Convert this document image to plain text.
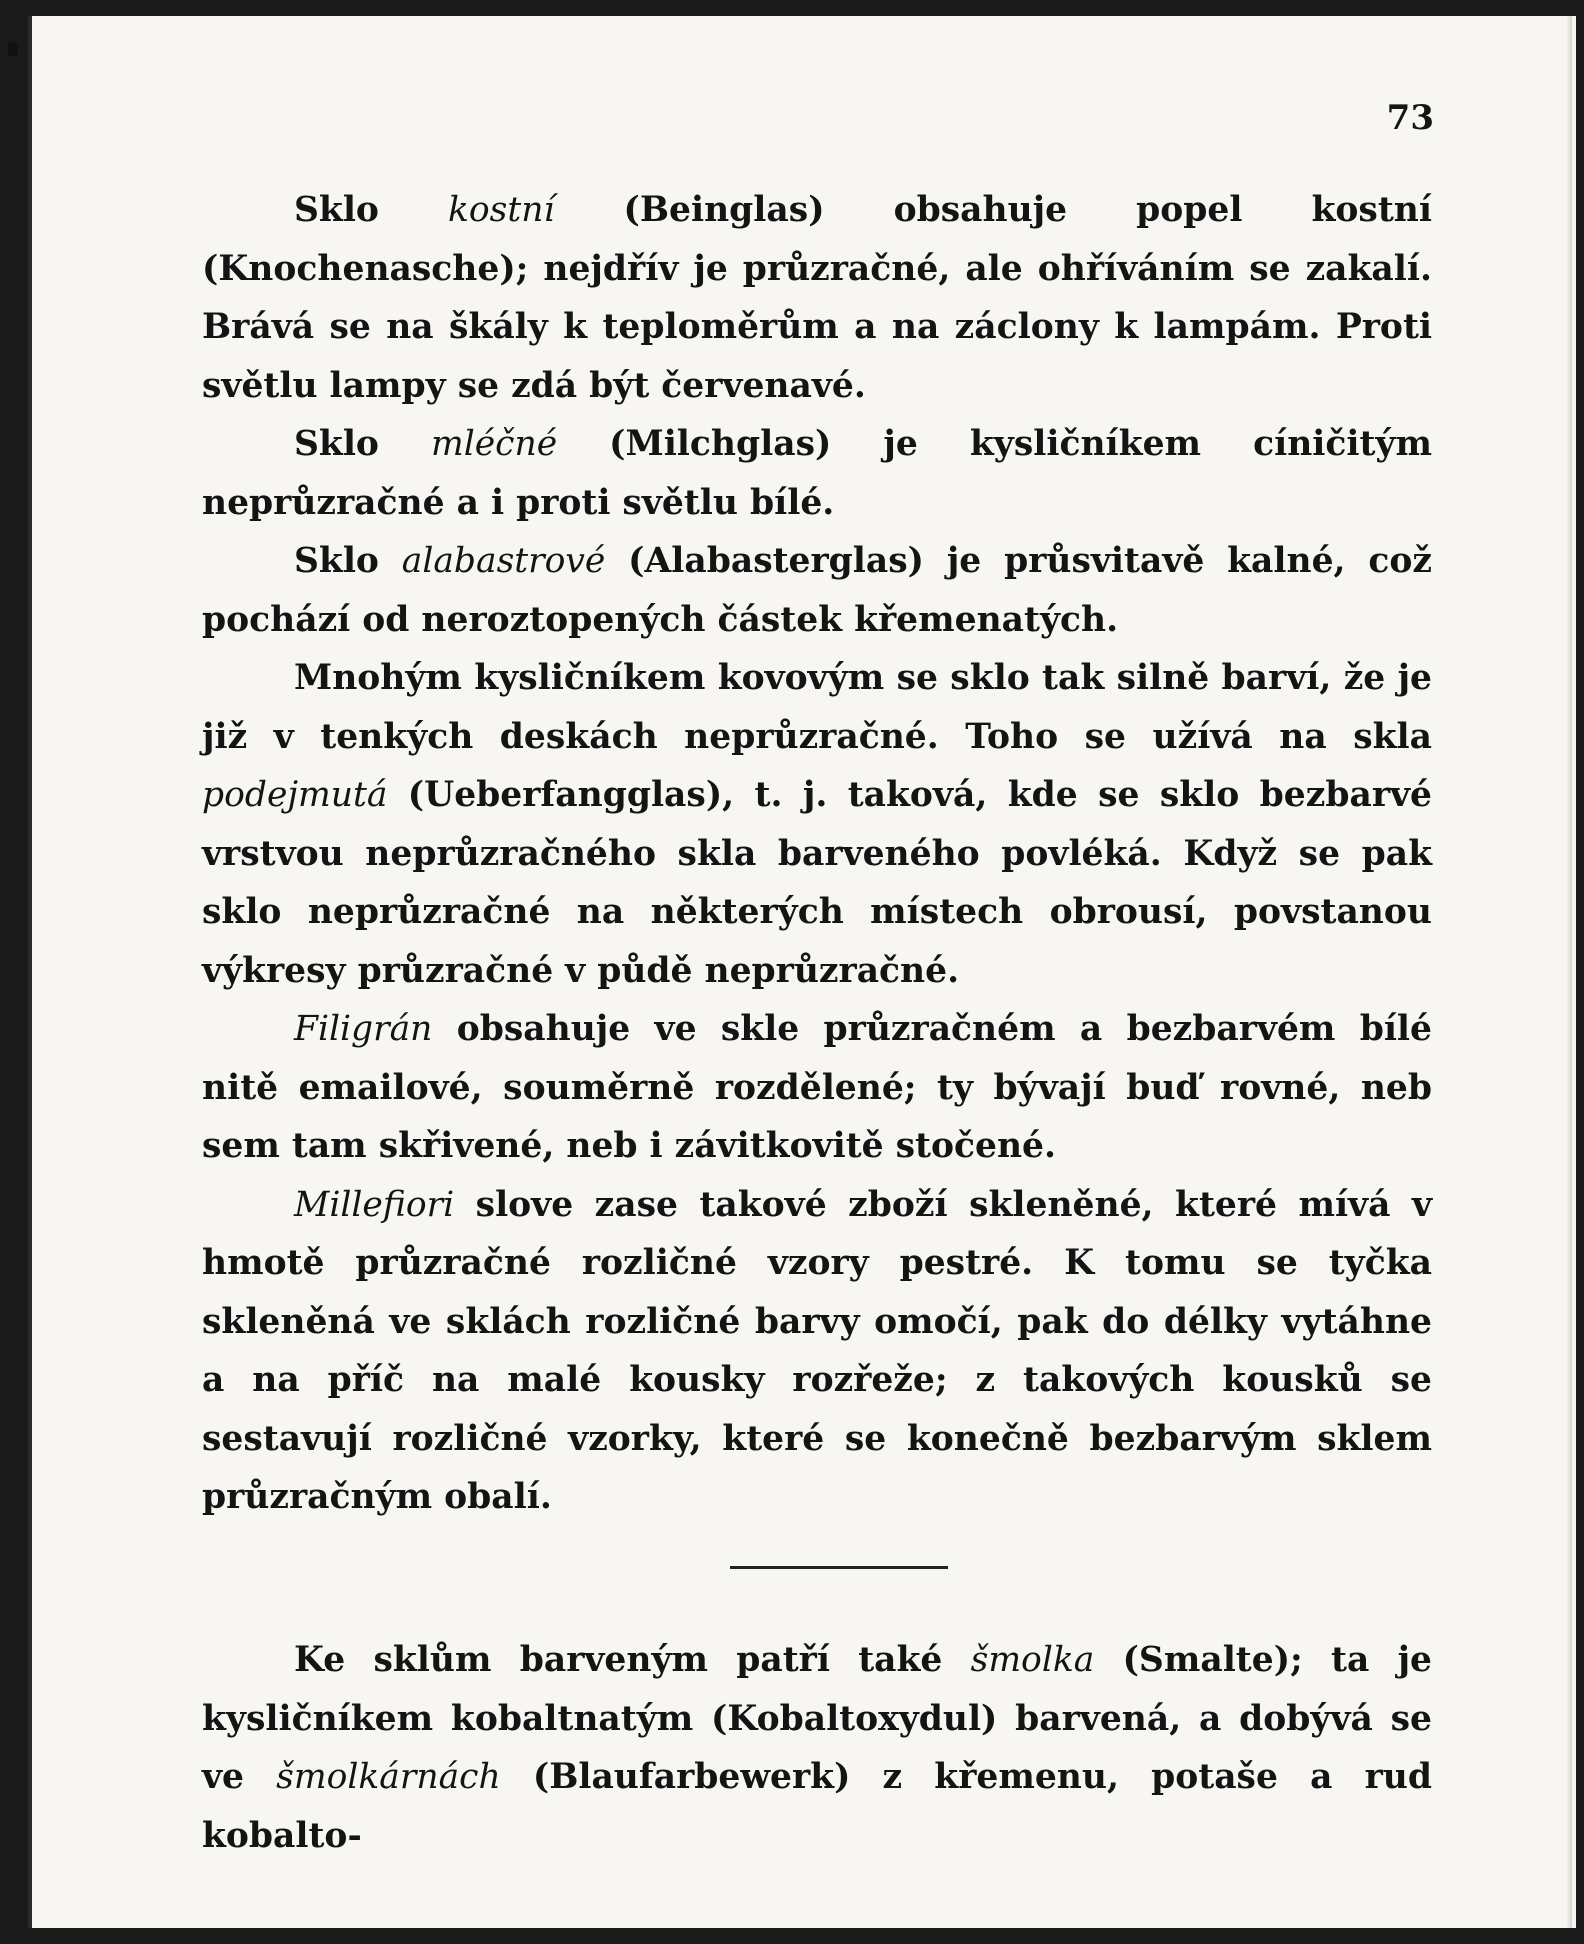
73

Sklo kostní (Beinglas) obsahuje popel kostní (Knochenasche); nejdřív je průzračné, ale ohříváním se zakalí. Brává se na škály k teploměrům a na záclony k lampám. Proti světlu lampy se zdá být červenavé.

Sklo mléčné (Milchglas) je kysličníkem cíničitým neprůzračné a i proti světlu bílé.

Sklo alabastrové (Alabasterglas) je průsvitavě kalné, což pochází od neroztopených částek křemenatých.

Mnohým kysličníkem kovovým se sklo tak silně barví, že je již v tenkých deskách neprůzračné. Toho se užívá na skla podejmutá (Ueberfangglas), t. j. taková, kde se sklo bezbarvé vrstvou neprůzračného skla barveného povléká. Když se pak sklo neprůzračné na některých místech obrousí, povstanou výkresy průzračné v půdě neprůzračné.

Filigrán obsahuje ve skle průzračném a bezbarvém bílé nitě emailové, souměrně rozdělené; ty bývají buď rovné, neb sem tam skřivené, neb i závitkovitě stočené.

Millefiori slove zase takové zboží skleněné, které mívá v hmotě průzračné rozličné vzory pestré. K tomu se tyčka skleněná ve sklách rozličné barvy omočí, pak do délky vytáhne a na příč na malé kousky rozřeže; z takových kousků se sestavují rozličné vzorky, které se konečně bezbarvým sklem průzračným obalí.

Ke sklům barveným patří také šmolka (Smalte); ta je kysličníkem kobaltnatým (Kobaltoxydul) barvená, a dobývá se ve šmolkárnách (Blaufarbewerk) z křemenu, potaše a rud kobalto-
